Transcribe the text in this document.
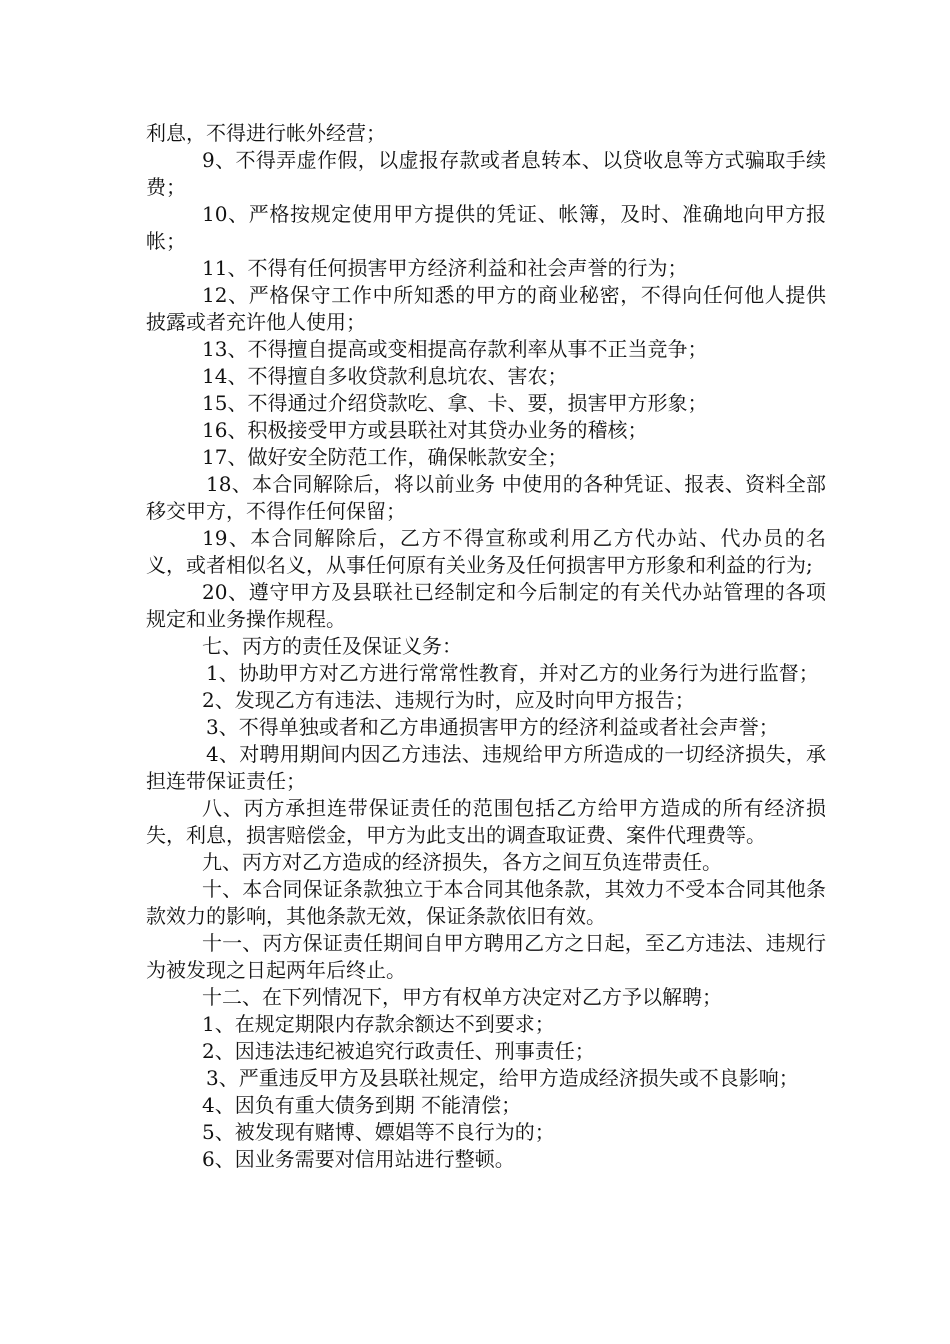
利息，不得进行帐外经营；

9、不得弄虚作假，以虚报存款或者息转本、以贷收息等方式骗取手续费；

10、严格按规定使用甲方提供的凭证、帐簿，及时、准确地向甲方报帐；

11、不得有任何损害甲方经济利益和社会声誉的行为；

12、严格保守工作中所知悉的甲方的商业秘密，不得向任何他人提供披露或者充许他人使用；

13、不得擅自提高或变相提高存款利率从事不正当竞争；

14、不得擅自多收贷款利息坑农、害农；

15、不得通过介绍贷款吃、拿、卡、要，损害甲方形象；

16、积极接受甲方或县联社对其贷办业务的稽核；

17、做好安全防范工作，确保帐款安全；

18、本合同解除后，将以前业务 中使用的各种凭证、报表、资料全部移交甲方，不得作任何保留；

19、本合同解除后，乙方不得宣称或利用乙方代办站、代办员的名义，或者相似名义，从事任何原有关业务及任何损害甲方形象和利益的行为;

20、遵守甲方及县联社已经制定和今后制定的有关代办站管理的各项规定和业务操作规程。

七、丙方的责任及保证义务：

1、协助甲方对乙方进行常常性教育，并对乙方的业务行为进行监督；

2、发现乙方有违法、违规行为时，应及时向甲方报告；

3、不得单独或者和乙方串通损害甲方的经济利益或者社会声誉；

4、对聘用期间内因乙方违法、违规给甲方所造成的一切经济损失，承担连带保证责任；

八、丙方承担连带保证责任的范围包括乙方给甲方造成的所有经济损失，利息，损害赔偿金，甲方为此支出的调查取证费、案件代理费等。

九、丙方对乙方造成的经济损失，各方之间互负连带责任。

十、本合同保证条款独立于本合同其他条款，其效力不受本合同其他条款效力的影响，其他条款无效，保证条款依旧有效。

十一、丙方保证责任期间自甲方聘用乙方之日起，至乙方违法、违规行为被发现之日起两年后终止。

十二、在下列情况下，甲方有权单方决定对乙方予以解聘；

1、在规定期限内存款余额达不到要求；

2、因违法违纪被追究行政责任、刑事责任；

3、严重违反甲方及县联社规定，给甲方造成经济损失或不良影响；

4、因负有重大债务到期 不能清偿；

5、被发现有赌博、嫖娼等不良行为的；

6、因业务需要对信用站进行整顿。
